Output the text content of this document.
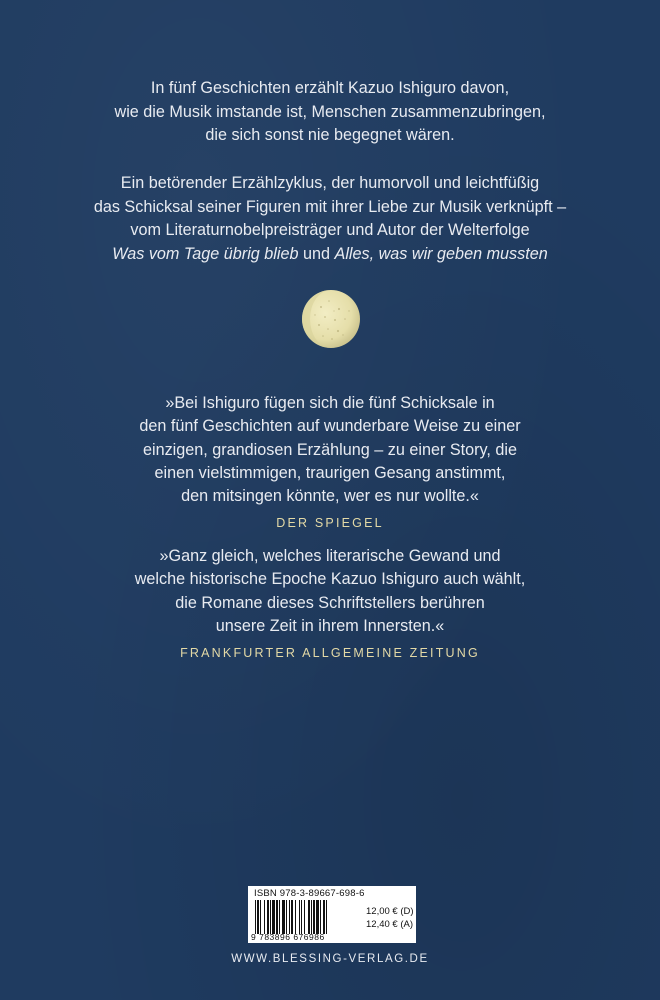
In fünf Geschichten erzählt Kazuo Ishiguro davon,

wie die Musik imstande ist, Menschen zusammenzubringen,

die sich sonst nie begegnet wären.

Ein betörender Erzählzyklus, der humorvoll und leichtfüßig

das Schicksal seiner Figuren mit ihrer Liebe zur Musik verknüpft –

vom Literaturnobelpreisträger und Autor der Welterfolge

Was vom Tage übrig blieb und Alles, was wir geben mussten

»Bei Ishiguro fügen sich die fünf Schicksale in
den fünf Geschichten auf wunderbare Weise zu einer
einzigen, grandiosen Erzählung – zu einer Story, die
einen vielstimmigen, traurigen Gesang anstimmt,
den mitsingen könnte, wer es nur wollte.«
DER SPIEGEL
»Ganz gleich, welches literarische Gewand und
welche historische Epoche Kazuo Ishiguro auch wählt,
die Romane dieses Schriftstellers berühren
unsere Zeit in ihrem Innersten.«
FRANKFURTER ALLGEMEINE ZEITUNG
ISBN 978-3-89667-698-6
9 783896 676986
12,00 € (D)
12,40 € (A)
WWW.BLESSING-VERLAG.DE
